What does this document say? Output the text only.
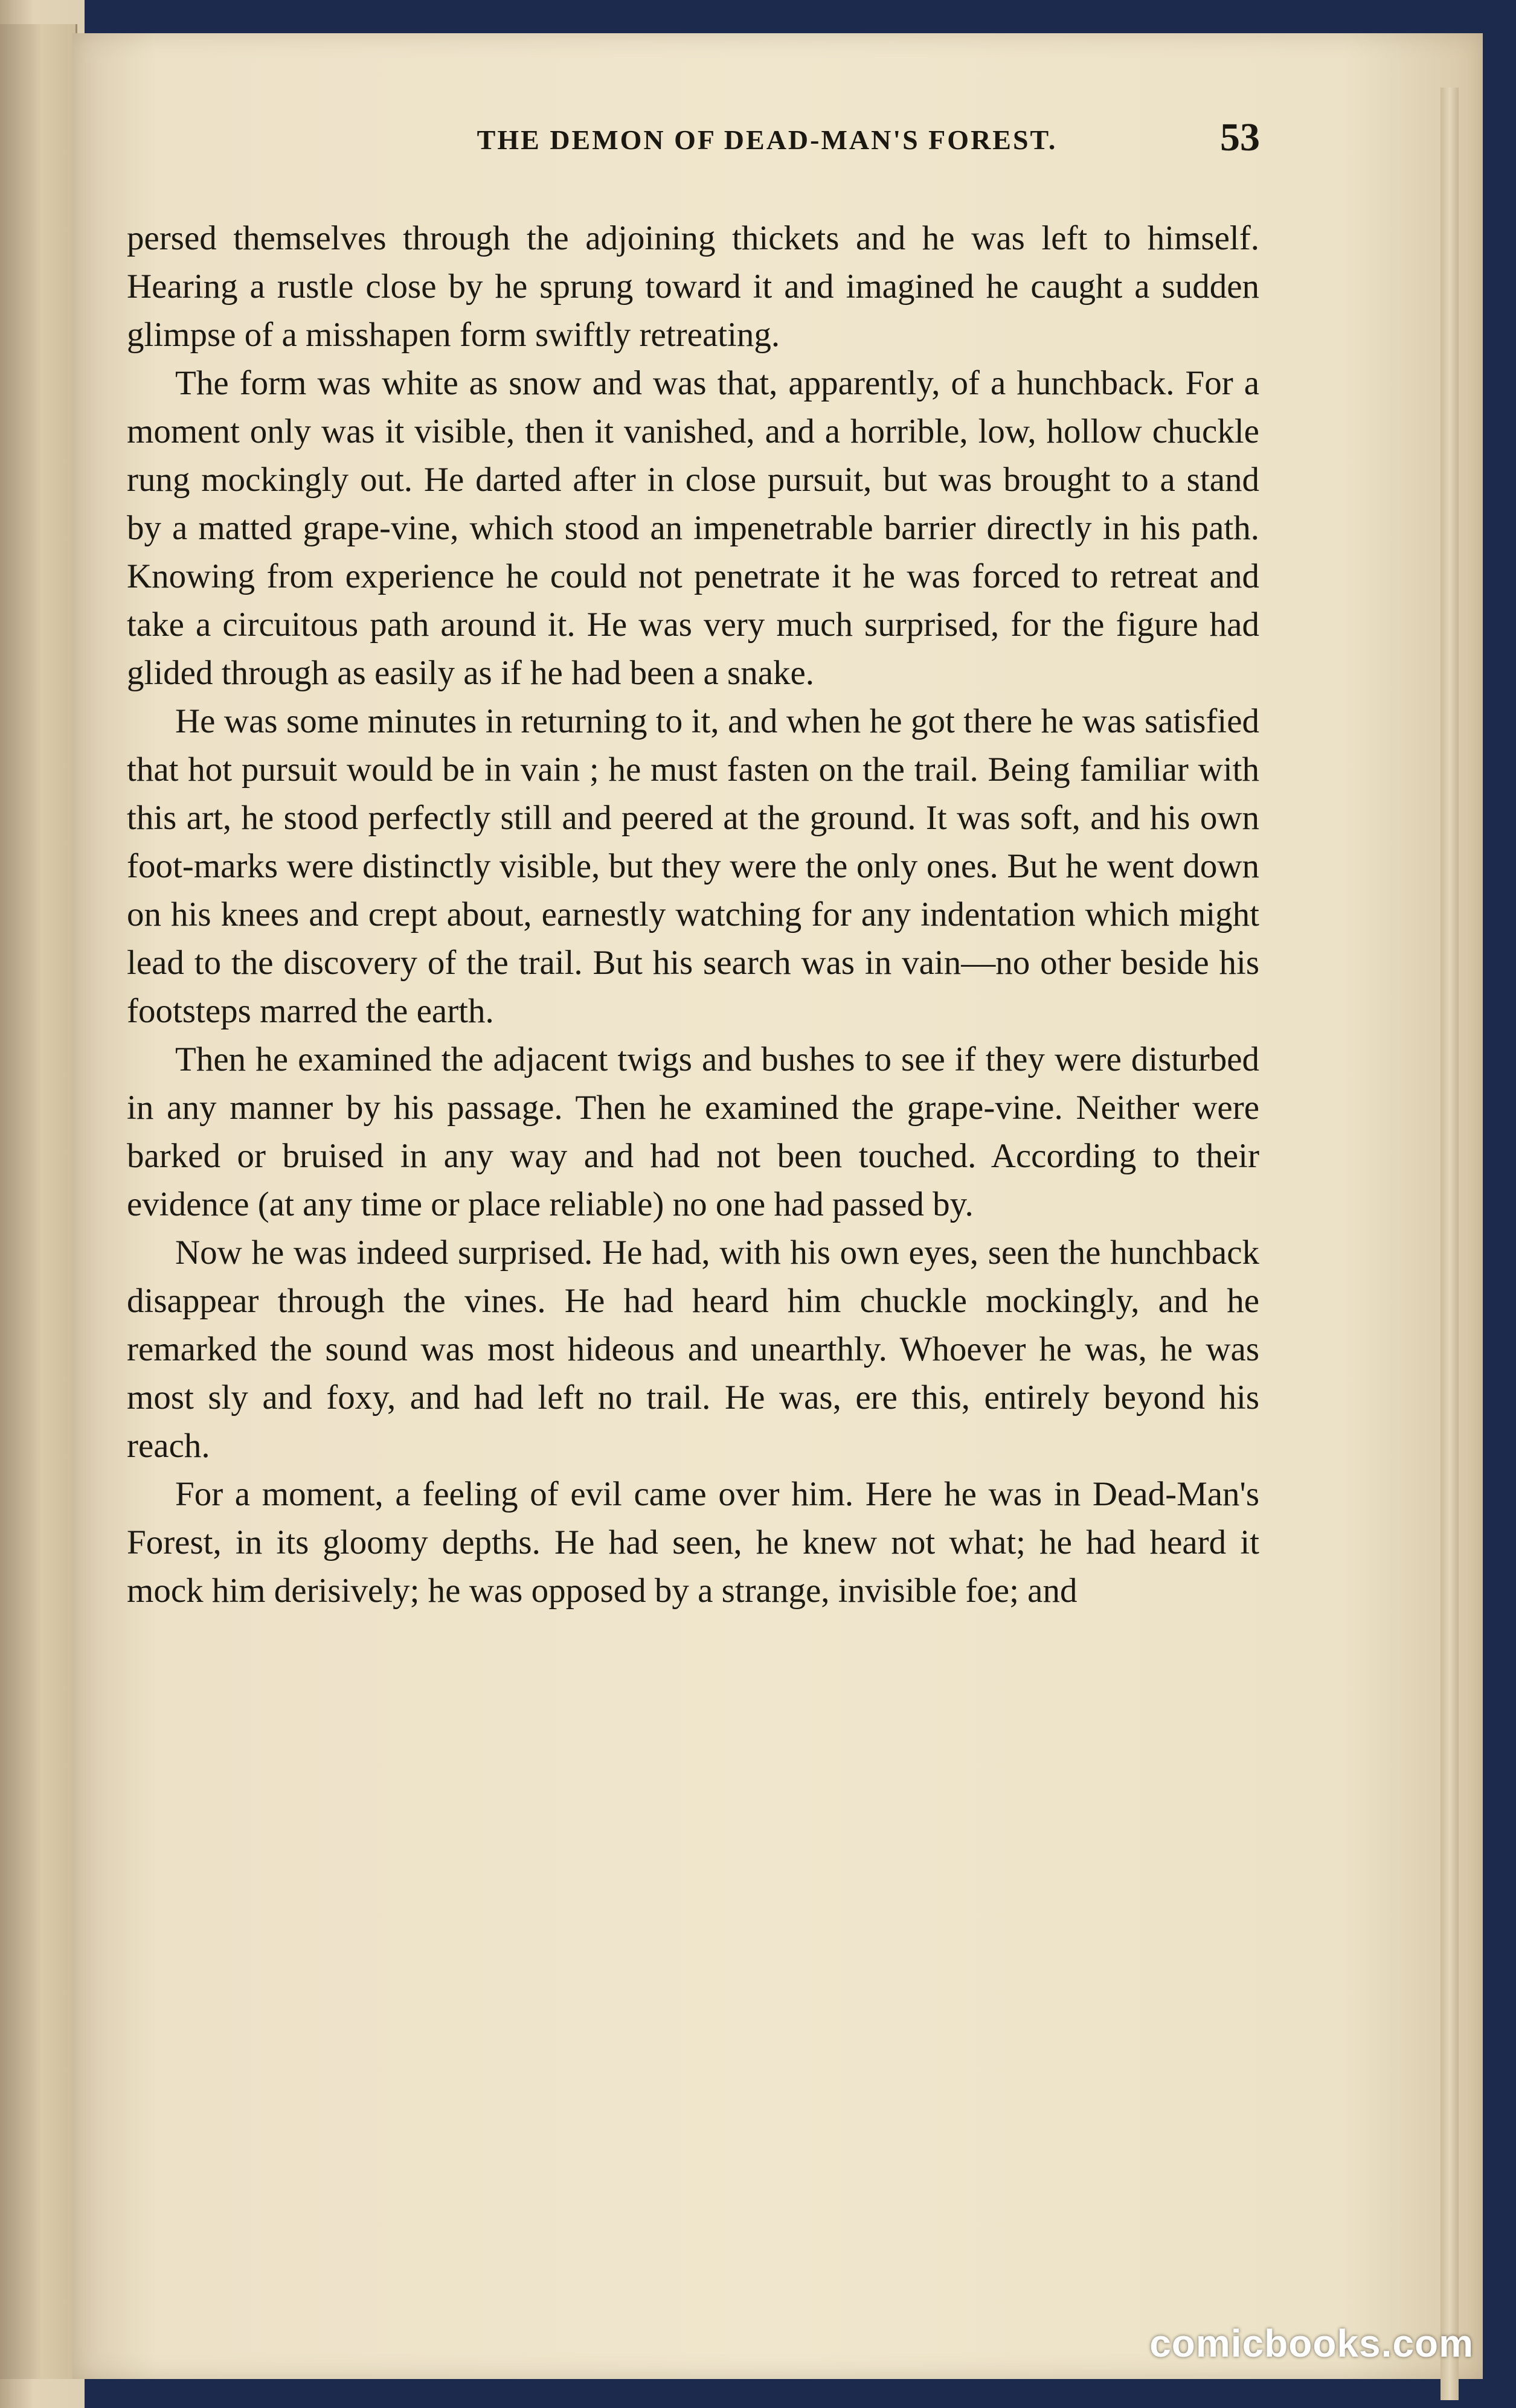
THE DEMON OF DEAD-MAN'S FOREST.	53

persed themselves through the adjoining thickets and he was left to himself. Hearing a rustle close by he sprung toward it and imagined he caught a sudden glimpse of a misshapen form swiftly retreating.

The form was white as snow and was that, apparently, of a hunchback. For a moment only was it visible, then it vanished, and a horrible, low, hollow chuckle rung mockingly out. He darted after in close pursuit, but was brought to a stand by a matted grape-vine, which stood an impenetrable barrier directly in his path. Knowing from experience he could not penetrate it he was forced to retreat and take a circuitous path around it. He was very much surprised, for the figure had glided through as easily as if he had been a snake.

He was some minutes in returning to it, and when he got there he was satisfied that hot pursuit would be in vain ; he must fasten on the trail. Being familiar with this art, he stood perfectly still and peered at the ground. It was soft, and his own foot-marks were distinctly visible, but they were the only ones. But he went down on his knees and crept about, earnestly watching for any indentation which might lead to the discovery of the trail. But his search was in vain—no other beside his footsteps marred the earth.

Then he examined the adjacent twigs and bushes to see if they were disturbed in any manner by his passage. Then he examined the grape-vine. Neither were barked or bruised in any way and had not been touched. According to their evidence (at any time or place reliable) no one had passed by.

Now he was indeed surprised. He had, with his own eyes, seen the hunchback disappear through the vines. He had heard him chuckle mockingly, and he remarked the sound was most hideous and unearthly. Whoever he was, he was most sly and foxy, and had left no trail. He was, ere this, entirely beyond his reach.

For a moment, a feeling of evil came over him. Here he was in Dead-Man's Forest, in its gloomy depths. He had seen, he knew not what; he had heard it mock him derisively; he was opposed by a strange, invisible foe; and

comicbooks.com
